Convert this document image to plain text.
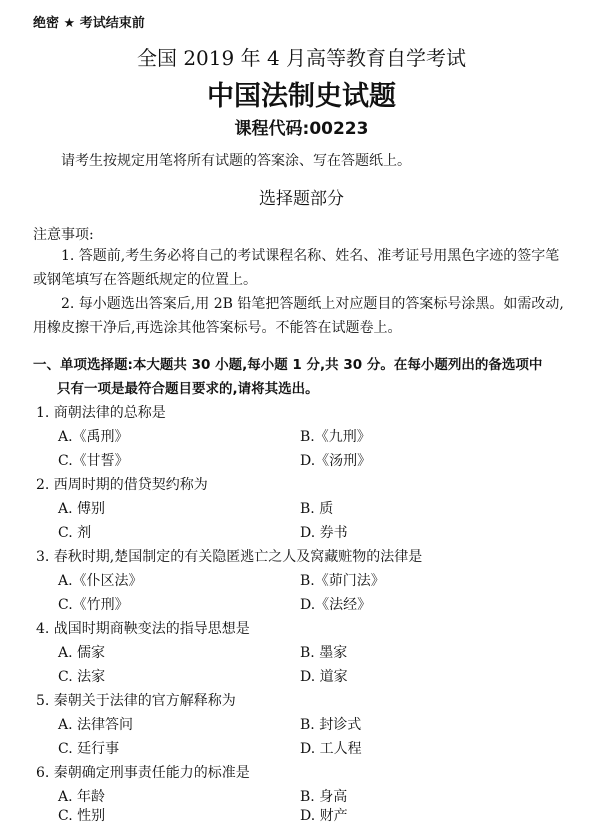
绝密 ★ 考试结束前
全国 2019 年 4 月高等教育自学考试
中国法制史试题
课程代码:00223
请考生按规定用笔将所有试题的答案涂、写在答题纸上。
选择题部分
注意事项:
1. 答题前,考生务必将自己的考试课程名称、姓名、准考证号用黑色字迹的签字笔或钢笔填写在答题纸规定的位置上。
2. 每小题选出答案后,用 2B 铅笔把答题纸上对应题目的答案标号涂黑。如需改动,用橡皮擦干净后,再选涂其他答案标号。不能答在试题卷上。
一、单项选择题:本大题共 30 小题,每小题 1 分,共 30 分。在每小题列出的备选项中
只有一项是最符合题目要求的,请将其选出。
1. 商朝法律的总称是
A.《禹刑》	B.《九刑》
C.《甘誓》	D.《汤刑》
2. 西周时期的借贷契约称为
A. 傅别	B. 质
C. 剂	D. 券书
3. 春秋时期,楚国制定的有关隐匿逃亡之人及窝藏赃物的法律是
A.《仆区法》	B.《茆门法》
C.《竹刑》	D.《法经》
4. 战国时期商鞅变法的指导思想是
A. 儒家	B. 墨家
C. 法家	D. 道家
5. 秦朝关于法律的官方解释称为
A. 法律答问	B. 封诊式
C. 廷行事	D. 工人程
6. 秦朝确定刑事责任能力的标准是
A. 年龄	B. 身高
C. 性别	D. 财产
